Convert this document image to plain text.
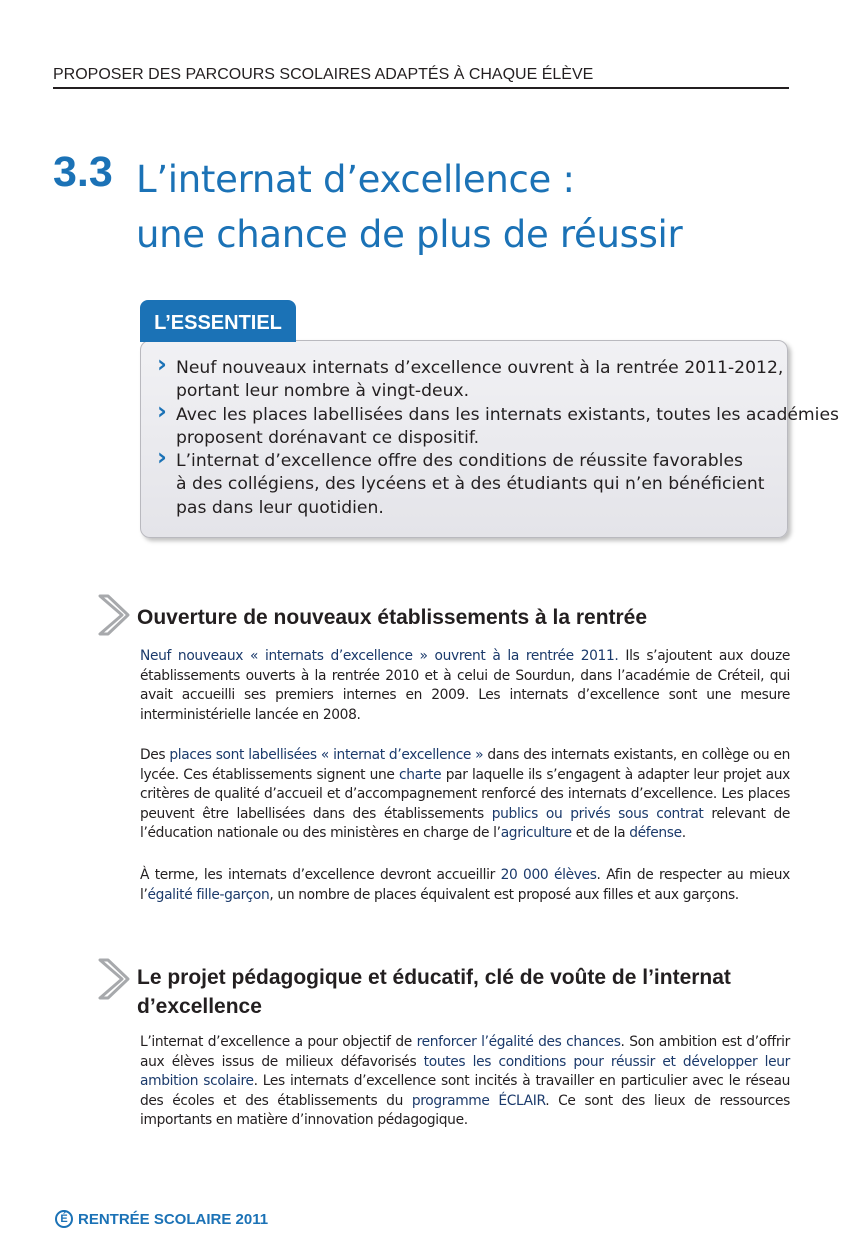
PROPOSER DES PARCOURS SCOLAIRES ADAPTÉS À CHAQUE ÉLÈVE
3.3 L’internat d’excellence :
une chance de plus de réussir
L’ESSENTIEL
› Neuf nouveaux internats d’excellence ouvrent à la rentrée 2011-2012,
portant leur nombre à vingt-deux.
› Avec les places labellisées dans les internats existants, toutes les académies
proposent dorénavant ce dispositif.
› L’internat d’excellence offre des conditions de réussite favorables
à des collégiens, des lycéens et à des étudiants qui n’en bénéficient
pas dans leur quotidien.
Ouverture de nouveaux établissements à la rentrée

Neuf nouveaux « internats d’excellence » ouvrent à la rentrée 2011. Ils s’ajoutent aux douze établissements ouverts à la rentrée 2010 et à celui de Sourdun, dans l’académie de Créteil, qui avait accueilli ses premiers internes en 2009. Les internats d’excellence sont une mesure interministérielle lancée en 2008.

Des places sont labellisées « internat d’excellence » dans des internats existants, en collège ou en lycée. Ces établissements signent une charte par laquelle ils s’engagent à adapter leur projet aux critères de qualité d’accueil et d’accompagnement renforcé des internats d’excellence. Les places peuvent être labellisées dans des établissements publics ou privés sous contrat relevant de l’éducation nationale ou des ministères en charge de l’agriculture et de la défense.

À terme, les internats d’excellence devront accueillir 20 000 élèves. Afin de respecter au mieux l’égalité fille-garçon, un nombre de places équivalent est proposé aux filles et aux garçons.

Le projet pédagogique et éducatif, clé de voûte de l’internat
d’excellence

L’internat d’excellence a pour objectif de renforcer l’égalité des chances. Son ambition est d’offrir aux élèves issus de milieux défavorisés toutes les conditions pour réussir et développer leur ambition scolaire. Les internats d’excellence sont incités à travailler en particulier avec le réseau des écoles et des établissements du programme ÉCLAIR. Ce sont des lieux de ressources importants en matière d’innovation pédagogique.

É RENTRÉE SCOLAIRE 2011
